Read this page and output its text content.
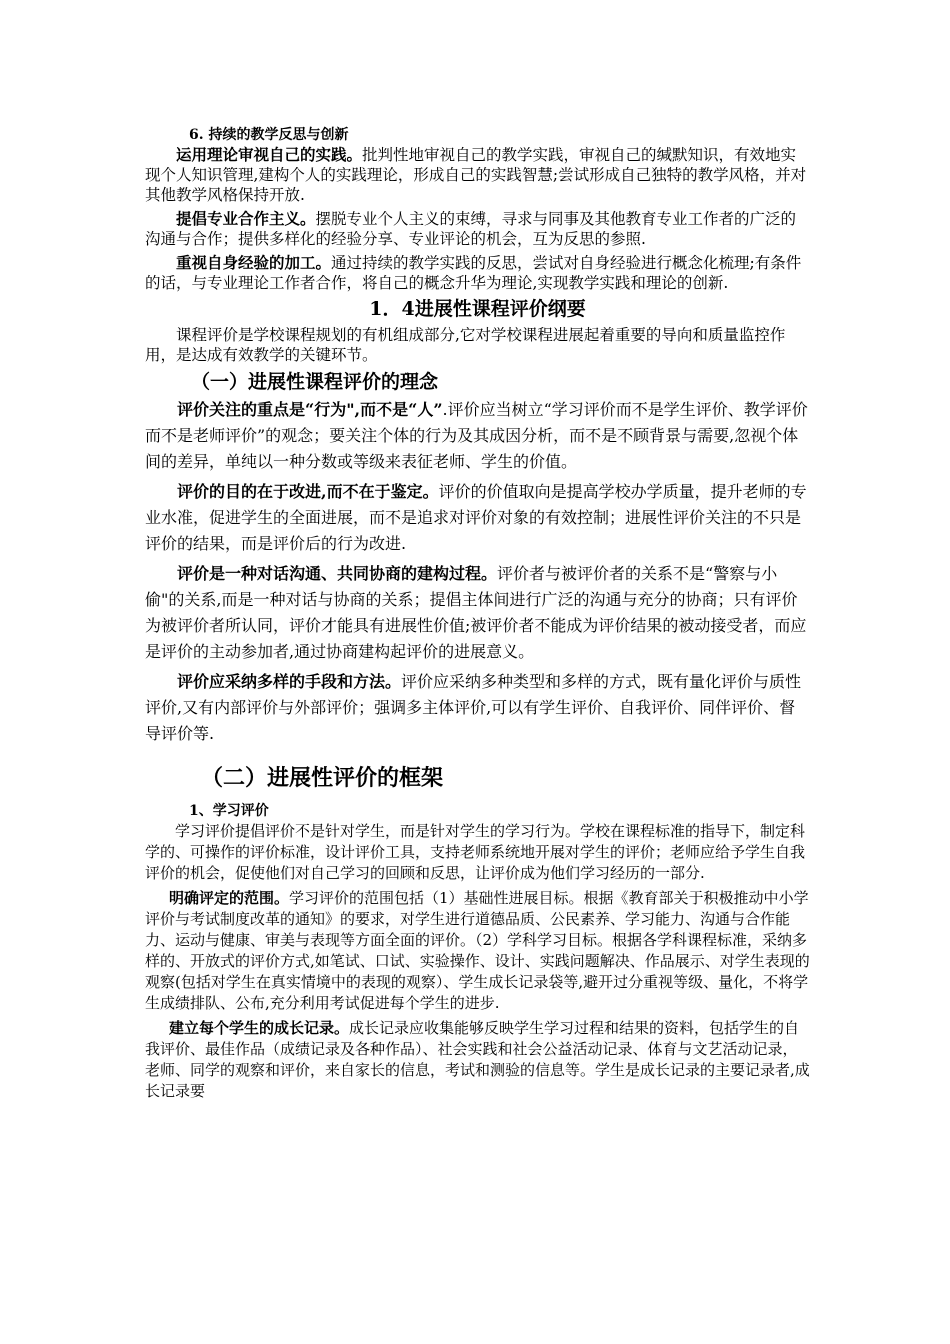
6. 持续的教学反思与创新

运用理论审视自己的实践。批判性地审视自己的教学实践，审视自己的缄默知识，有效地实现个人知识管理,建构个人的实践理论，形成自己的实践智慧;尝试形成自己独特的教学风格，并对其他教学风格保持开放.

提倡专业合作主义。摆脱专业个人主义的束缚，寻求与同事及其他教育专业工作者的广泛的沟通与合作；提供多样化的经验分享、专业评论的机会，互为反思的参照.

重视自身经验的加工。通过持续的教学实践的反思，尝试对自身经验进行概念化梳理;有条件的话，与专业理论工作者合作，将自己的概念升华为理论,实现教学实践和理论的创新.

1．4进展性课程评价纲要

课程评价是学校课程规划的有机组成部分,它对学校课程进展起着重要的导向和质量监控作用，是达成有效教学的关键环节。

（一）进展性课程评价的理念

评价关注的重点是“行为",而不是“人”.评价应当树立“学习评价而不是学生评价、教学评价而不是老师评价”的观念；要关注个体的行为及其成因分析，而不是不顾背景与需要,忽视个体间的差异，单纯以一种分数或等级来表征老师、学生的价值。

评价的目的在于改进,而不在于鉴定。评价的价值取向是提高学校办学质量，提升老师的专业水准，促进学生的全面进展，而不是追求对评价对象的有效控制；进展性评价关注的不只是评价的结果，而是评价后的行为改进.

评价是一种对话沟通、共同协商的建构过程。评价者与被评价者的关系不是“警察与小偷"的关系,而是一种对话与协商的关系；提倡主体间进行广泛的沟通与充分的协商；只有评价为被评价者所认同，评价才能具有进展性价值;被评价者不能成为评价结果的被动接受者，而应是评价的主动参加者,通过协商建构起评价的进展意义。

评价应采纳多样的手段和方法。评价应采纳多种类型和多样的方式，既有量化评价与质性评价,又有内部评价与外部评价；强调多主体评价,可以有学生评价、自我评价、同伴评价、督导评价等.

（二）进展性评价的框架

1、学习评价

学习评价提倡评价不是针对学生，而是针对学生的学习行为。学校在课程标准的指导下，制定科学的、可操作的评价标准，设计评价工具，支持老师系统地开展对学生的评价；老师应给予学生自我评价的机会，促使他们对自己学习的回顾和反思，让评价成为他们学习经历的一部分.

明确评定的范围。学习评价的范围包括（1）基础性进展目标。根据《教育部关于积极推动中小学评价与考试制度改革的通知》的要求，对学生进行道德品质、公民素养、学习能力、沟通与合作能力、运动与健康、审美与表现等方面全面的评价。（2）学科学习目标。根据各学科课程标准，采纳多样的、开放式的评价方式,如笔试、口试、实验操作、设计、实践问题解决、作品展示、对学生表现的观察(包括对学生在真实情境中的表现的观察）、学生成长记录袋等,避开过分重视等级、量化，不将学生成绩排队、公布,充分利用考试促进每个学生的进步.

建立每个学生的成长记录。成长记录应收集能够反映学生学习过程和结果的资料，包括学生的自我评价、最佳作品（成绩记录及各种作品）、社会实践和社会公益活动记录、体育与文艺活动记录，老师、同学的观察和评价，来自家长的信息，考试和测验的信息等。学生是成长记录的主要记录者,成长记录要
